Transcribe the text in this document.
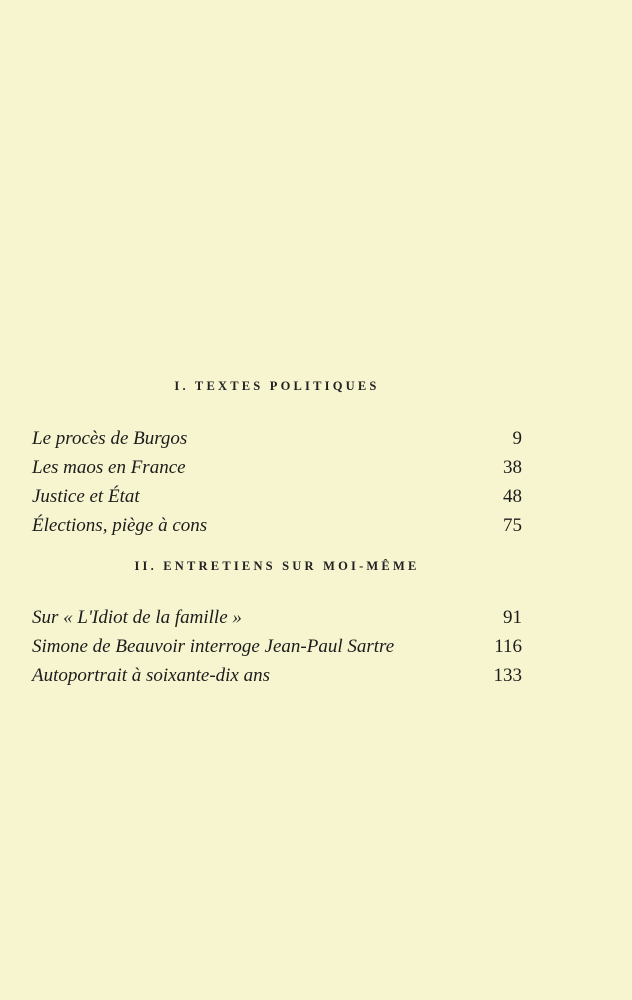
I. TEXTES POLITIQUES
Le procès de Burgos	9
Les maos en France	38
Justice et État	48
Élections, piège à cons	75
II. ENTRETIENS SUR MOI-MÊME
Sur « L'Idiot de la famille »	91
Simone de Beauvoir interroge Jean-Paul Sartre	116
Autoportrait à soixante-dix ans	133
